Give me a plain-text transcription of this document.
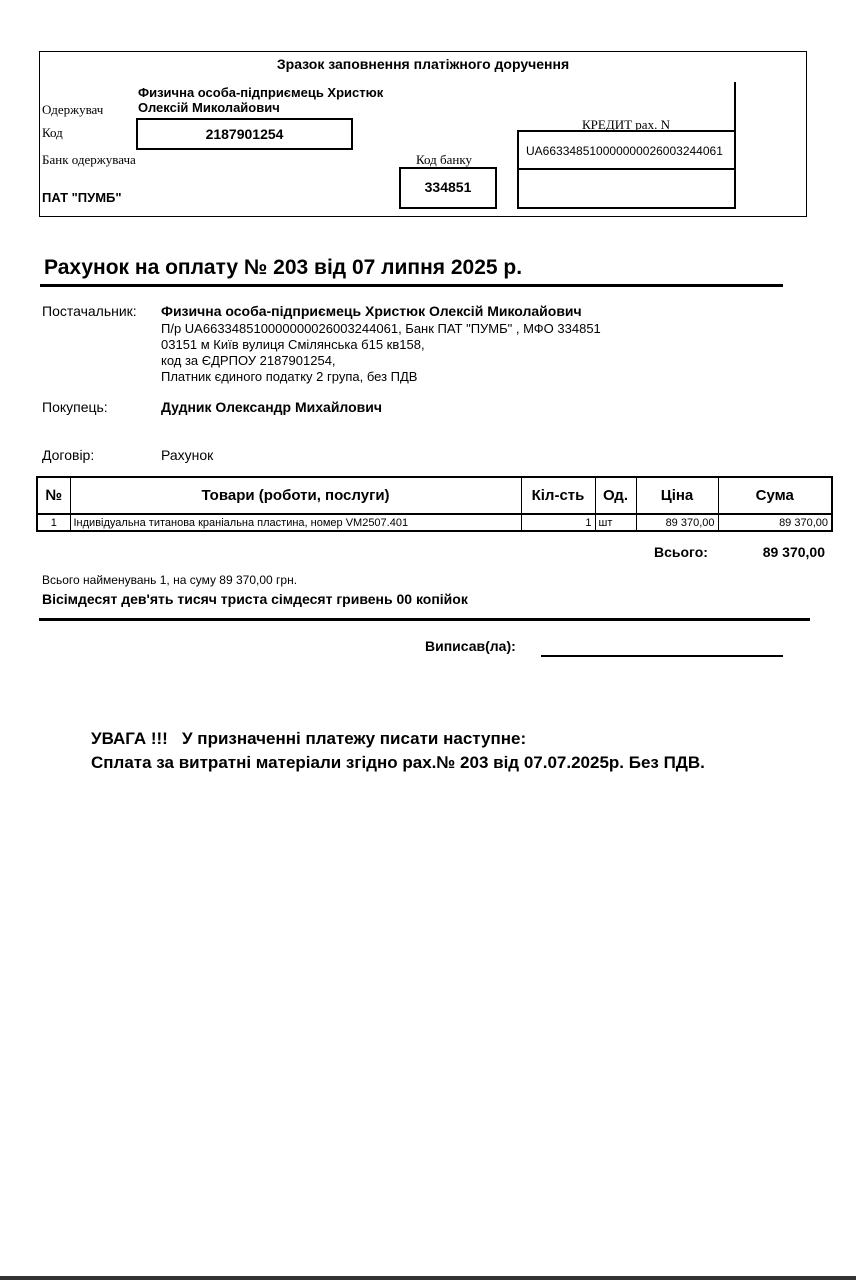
Зразок заповнення платіжного доручення
Физична особа-підприємець Христюк
Олексій Миколайович
Одержувач
Код	2187901254
Банк одержувача
ПАТ "ПУМБ"
Код банку
334851
КРЕДИТ рах. N
UA663348510000000026003244061
Рахунок на оплату № 203 від 07 липня 2025 р.
Постачальник: Физична особа-підприємець Христюк Олексій Миколайович
П/р UA663348510000000026003244061, Банк ПАТ "ПУМБ" , МФО 334851
03151 м Київ вулиця Смілянська б15 кв158,
код за ЄДРПОУ 2187901254,
Платник єдиного податку 2 група, без ПДВ
Покупець:	Дудник Олександр Михайлович
Договір:	Рахунок
№	Товари (роботи, послуги)	Кіл-сть	Од.	Ціна	Сума
1	Індивідуальна титанова краніальна пластина, номер VM2507.401	1	шт	89 370,00	89 370,00
Всього:	89 370,00
Всього найменувань 1, на суму 89 370,00 грн.
Вісімдесят дев'ять тисяч триста сімдесят гривень 00 копійок
Виписав(ла):
УВАГА !!!   У призначенні платежу писати наступне:
Сплата за витратні матеріали згідно рах.№ 203 від 07.07.2025р. Без ПДВ.
